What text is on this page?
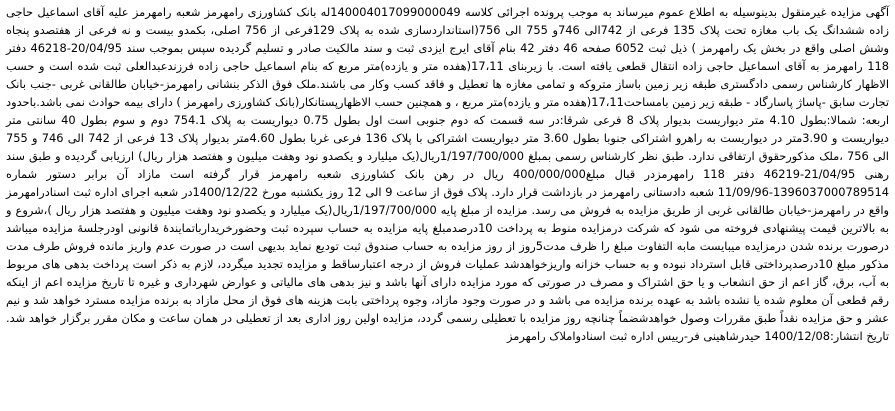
آگهی مزایده غیرمنقول بدینوسیله به اطلاع عموم میرساند به موجب پرونده اجرائی کلاسه 140004017099000049له بانک کشاورزی رامهرمز شعبه رامهرمز علیه آقای اسماعیل حاجی زاده ششدانگ یک باب مغازه تحت پلاک 135 فرعی از 742الی 746و 755 الی 756(استانداردسازی شده به پلاک 129فرعی از 756 اصلی، بکمدو بیست و نه فرعی از هفتصدو پنجاه وشش اصلی واقع در بخش یک رامهرمز ) ذیل ثبت 6052 صفحه 46 دفتر 42 بنام آقای ایرج ایزدی ثبت و سند مالکیت صادر و تسلیم گردیده سپس بموجب سند 20/04/95-46218 دفتر 118 رامهرمز به آقای اسماعیل حاجی زاده انتقال قطعی یافته است. با زیربنای 17،11(هفده متر و یازده)متر مربع که بنام اسماعیل حاجی زاده فرزندعبدالعلی ثبت شده است و حسب الاظهار کارشناس رسمی دادگستری طبقه زیر زمین باساز متروکه و تمامی مغازه ها تعطیل و فاقد کسب وکار می باشند.ملک فوق الذکر بنشانی رامهرمز-خیابان طالقانی غربی -جنب بانک تجارت سابق -پاساژ پاسارگاد - طبقه زیر زمین بامساحت17،11(هفده متر و یازده)متر مربع ، و همچنین حسب الاظهارپستانکار(بانک کشاورزی رامهرمز ) دارای بیمه حوادث نمی باشد.باحدود اربعه: شمالا:بطول 4.10 متر دیواریست بدیوار پلاک 8 فرعی شرقا:در سه قسمت که دوم جنوبی است اول بطول 0.75 دیواریست به پلاک 754.1 دوم و سوم بطول 40 سانتی متر دیواریست و 3.90متر در دیواریست به راهرو اشتراکی جنوبا بطول 3.60 متر دیواریست اشتراکی با پلاک 136 فرعی غربا بطول 4.60متر بدیوار پلاک 13 فرعی از 742 الی 746 و 755 الی 756 ،ملک مذکورحقوق ارتفاقی ندارد. طبق نظر کارشناس رسمی بمبلغ 1/197/700/000ریال(یک میلیارد و یکصدو نود وهفت میلیون و هفتصد هزار ریال) ارزیابی گردیده و طبق سند رهنی 21/04/95-46219 دفتر 118 رامهرمزدر قبال مبلغ400/000/000 ریال در رهن بانک کشاورزی شعبه رامهرمز قرار گرفته است مازاد آن برابر دستور شماره 1396037000789514-11/09/96 شعبه دادستانی رامهرمز در بازداشت قرار دارد. پلاک فوق از ساعت 9 الی 12 روز یکشنبه مورخ 1400/12/22در شعبه اجرای اداره ثبت اسنادرامهرمز واقع در رامهرمز-خیابان طالقانی غربی از طریق مزایده به فروش می رسد. مزایده از مبلغ پایه 1/197/700/000ریال(یک میلیارد و یکصدو نود وهفت میلیون و هفتصد هزار ریال )،شروع و به بالاترین قیمت پیشنهادی فروخته می شود که شرکت درمزایده منوط به پرداخت 10درصدمبلغ پایه مزایده به حساب سپرده ثبت وحضورخریدارباتمایندۀ قانونی اودرجلسۀ مزایده میباشد درصورت برنده شدن درمزایده میبایست مابه التفاوت مبلغ را ظرف مدت5روز از روز مزایده به حساب صندوق ثبت تودیع نماید بدیهی است در صورت عدم واریز مانده فروش طرف مدت مذکور مبلغ 10درصدپرداختی قابل استرداد نبوده و به حساب خزانه واریزخواهدشد عملیات فروش از درجه اعتبارساقط و مزایده تجدید میگردد، لازم به ذکر است پرداخت بدهی های مربوط به آب، برق، گاز اعم از حق انشعاب و یا حق اشتراک و مصرف در صورتی که مورد مزایده دارای آنها باشد و نیز بدهی های مالیاتی و عوارض شهرداری و غیره تا تاریخ مزایده اعم از اینکه رقم قطعی آن معلوم شده یا نشده باشد به عهده برنده مزایده می باشد و در صورت وجود مازاد، وجوه پرداختی بابت هزینه های فوق از محل مازاد به برنده مزایده مسترد خواهد شد و نیم عشر و حق مزایده نقداً طبق مقررات وصول خواهدشضماً چنانچه روز مزایده با تعطیلی رسمی گردد، مزایده اولین روز اداری بعد از تعطیلی در همان ساعت و مکان مقرر برگزار خواهد شد. تاریخ انتشار:1400/12/08 حیدرشاهینی فر-رییس اداره ثبت اسنادواملاک رامهرمز
